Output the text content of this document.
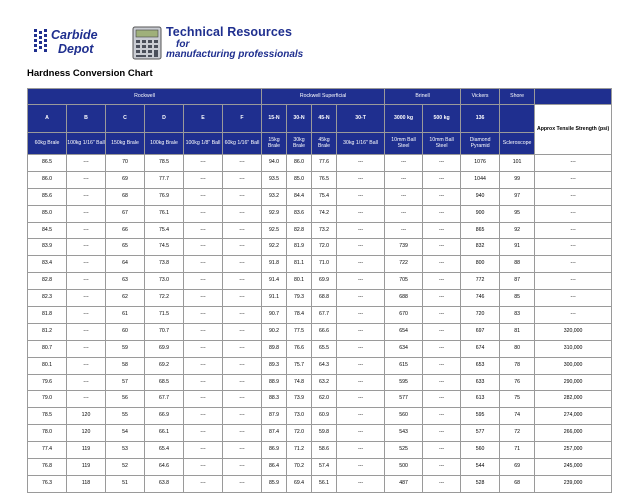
Carbide
Depot
Technical Resources
for
manufacturing professionals
Hardness Conversion Chart
Rockwell						Rockwell Superficial				Brinell		Vickers	Shore	
A	B	C	D	E	F	15-N	30-N	45-N	30-T	3000 kg	500 kg	136		Approx Tensile Strength (psi)
60kg Brale	100kg 1/16" Ball	150kg Brale	100kg Brale	100kg 1/8" Ball	60kg 1/16" Ball	15kg Brale	30kg Brale	45kg Brale	30kg 1/16" Ball	10mm Ball Steel	10mm Ball Steel	Diamond Pyramid	Scleroscope	
86.5	---	70	78.5	---	---	94.0	86.0	77.6	---	---	---	1076	101	---
86.0	---	69	77.7	---	---	93.5	85.0	76.5	---	---	---	1044	99	---
85.6	---	68	76.9	---	---	93.2	84.4	75.4	---	---	---	940	97	---
85.0	---	67	76.1	---	---	92.9	83.6	74.2	---	---	---	900	95	---
84.5	---	66	75.4	---	---	92.5	82.8	73.2	---	---	---	865	92	---
83.9	---	65	74.5	---	---	92.2	81.9	72.0	---	739	---	832	91	---
83.4	---	64	73.8	---	---	91.8	81.1	71.0	---	722	---	800	88	---
82.8	---	63	73.0	---	---	91.4	80.1	69.9	---	705	---	772	87	---
82.3	---	62	72.2	---	---	91.1	79.3	68.8	---	688	---	746	85	---
81.8	---	61	71.5	---	---	90.7	78.4	67.7	---	670	---	720	83	---
81.2	---	60	70.7	---	---	90.2	77.5	66.6	---	654	---	697	81	320,000
80.7	---	59	69.9	---	---	89.8	76.6	65.5	---	634	---	674	80	310,000
80.1	---	58	69.2	---	---	89.3	75.7	64.3	---	615	---	653	78	300,000
79.6	---	57	68.5	---	---	88.9	74.8	63.2	---	595	---	633	76	290,000
79.0	---	56	67.7	---	---	88.3	73.9	62.0	---	577	---	613	75	282,000
78.5	120	55	66.9	---	---	87.9	73.0	60.9	---	560	---	595	74	274,000
78.0	120	54	66.1	---	---	87.4	72.0	59.8	---	543	---	577	72	266,000
77.4	119	53	65.4	---	---	86.9	71.2	58.6	---	525	---	560	71	257,000
76.8	119	52	64.6	---	---	86.4	70.2	57.4	---	500	---	544	69	245,000
76.3	118	51	63.8	---	---	85.9	69.4	56.1	---	487	---	528	68	239,000
